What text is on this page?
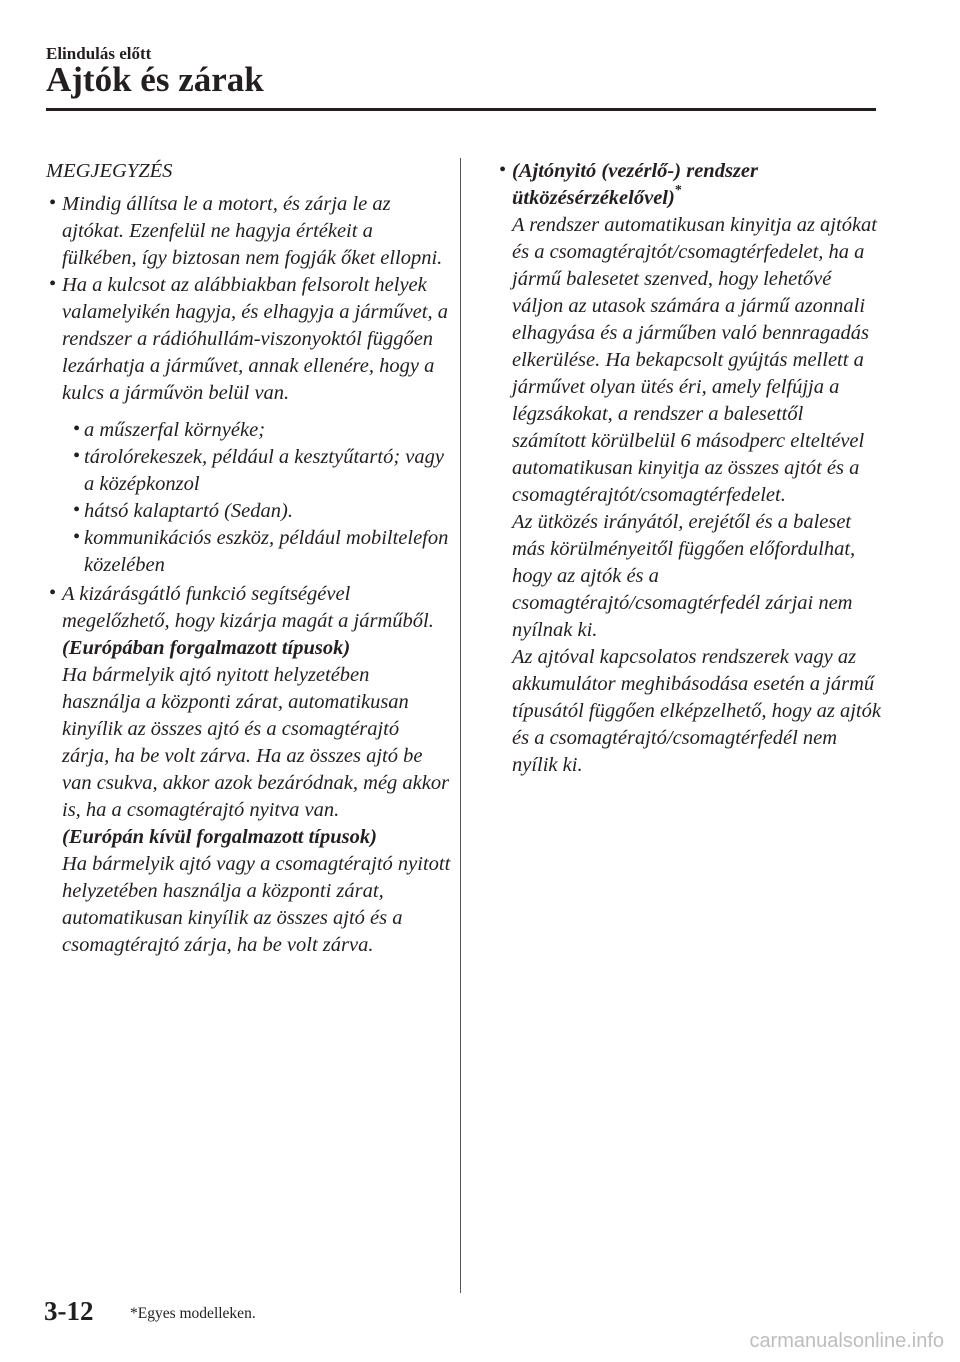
Elindulás előtt
Ajtók és zárak

MEGJEGYZÉS

• Mindig állítsa le a motort, és zárja le az ajtókat. Ezenfelül ne hagyja értékeit a fülkében, így biztosan nem fogják őket ellopni.
• Ha a kulcsot az alábbiakban felsorolt helyek valamelyikén hagyja, és elhagyja a járművet, a rendszer a rádióhullám-viszonyoktól függően lezárhatja a járművet, annak ellenére, hogy a kulcs a járművön belül van.
• a műszerfal környéke;
• tárolórekeszek, például a kesztyűtartó; vagy a középkonzol
• hátsó kalaptartó (Sedan).
• kommunikációs eszköz, például mobiltelefon közelében
• A kizárásgátló funkció segítségével megelőzhető, hogy kizárja magát a járműből.

(Európában forgalmazott típusok)

Ha bármelyik ajtó nyitott helyzetében használja a központi zárat, automatikusan kinyílik az összes ajtó és a csomagtérajtó zárja, ha be volt zárva. Ha az összes ajtó be van csukva, akkor azok bezáródnak, még akkor is, ha a csomagtérajtó nyitva van.

(Európán kívül forgalmazott típusok)

Ha bármelyik ajtó vagy a csomagtérajtó nyitott helyzetében használja a központi zárat, automatikusan kinyílik az összes ajtó és a csomagtérajtó zárja, ha be volt zárva.

• (Ajtónyitó (vezérlő-) rendszer ütközésérzékelővel)*

A rendszer automatikusan kinyitja az ajtókat és a csomagtérajtót/csomagtérfedelet, ha a jármű balesetet szenved, hogy lehetővé váljon az utasok számára a jármű azonnali elhagyása és a járműben való bennragadás elkerülése. Ha bekapcsolt gyújtás mellett a járművet olyan ütés éri, amely felfújja a légzsákokat, a rendszer a balesettől számított körülbelül 6 másodperc elteltével automatikusan kinyitja az összes ajtót és a csomagtérajtót/csomagtérfedelet.

Az ütközés irányától, erejétől és a baleset más körülményeitől függően előfordulhat, hogy az ajtók és a csomagtérajtó/csomagtérfedél zárjai nem nyílnak ki.

Az ajtóval kapcsolatos rendszerek vagy az akkumulátor meghibásodása esetén a jármű típusától függően elképzelhető, hogy az ajtók és a csomagtérajtó/csomagtérfedél nem nyílik ki.

3-12 *Egyes modelleken.
carmanualsonline.info
